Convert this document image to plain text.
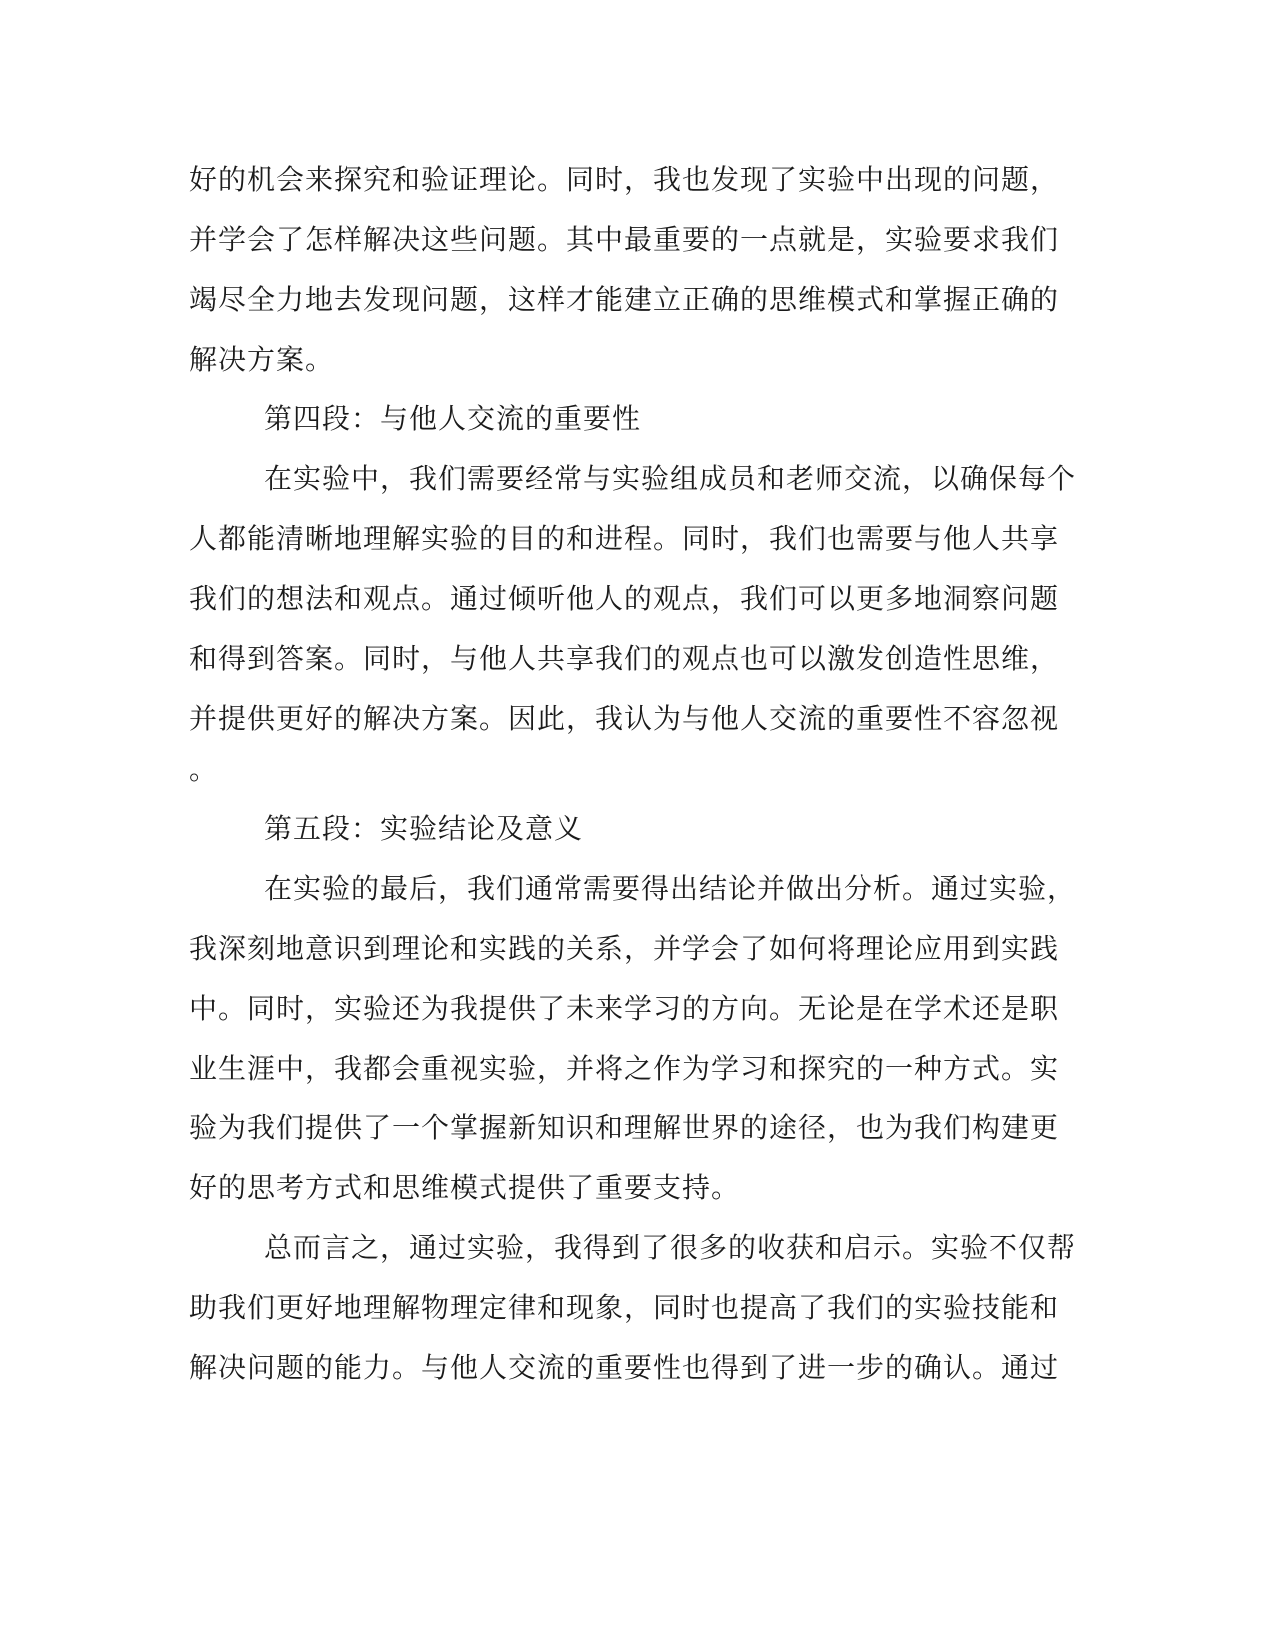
好的机会来探究和验证理论。同时，我也发现了实验中出现的问题，
并学会了怎样解决这些问题。其中最重要的一点就是，实验要求我们
竭尽全力地去发现问题，这样才能建立正确的思维模式和掌握正确的
解决方案。
第四段：与他人交流的重要性
在实验中，我们需要经常与实验组成员和老师交流，以确保每个
人都能清晰地理解实验的目的和进程。同时，我们也需要与他人共享
我们的想法和观点。通过倾听他人的观点，我们可以更多地洞察问题
和得到答案。同时，与他人共享我们的观点也可以激发创造性思维，
并提供更好的解决方案。因此，我认为与他人交流的重要性不容忽视
。
第五段：实验结论及意义
在实验的最后，我们通常需要得出结论并做出分析。通过实验，
我深刻地意识到理论和实践的关系，并学会了如何将理论应用到实践
中。同时，实验还为我提供了未来学习的方向。无论是在学术还是职
业生涯中，我都会重视实验，并将之作为学习和探究的一种方式。实
验为我们提供了一个掌握新知识和理解世界的途径，也为我们构建更
好的思考方式和思维模式提供了重要支持。
总而言之，通过实验，我得到了很多的收获和启示。实验不仅帮
助我们更好地理解物理定律和现象，同时也提高了我们的实验技能和
解决问题的能力。与他人交流的重要性也得到了进一步的确认。通过
